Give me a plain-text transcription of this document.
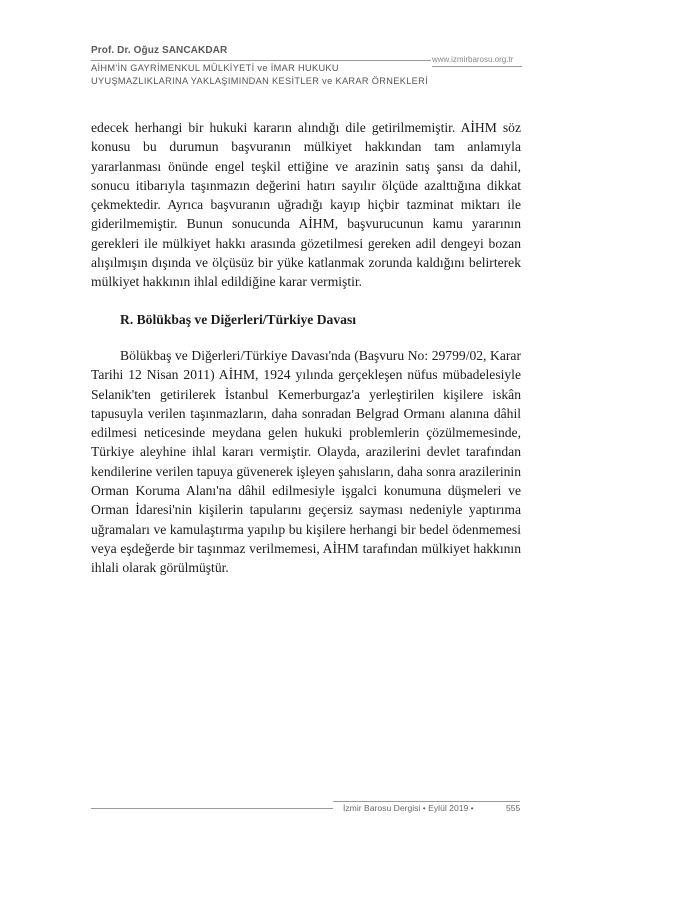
Prof. Dr. Oğuz SANCAKDAR
www.izmirbarosu.org.tr
AİHM'İN GAYRİMENKUL MÜLKİYETİ ve İMAR HUKUKU
UYUŞMAZLIKLARINA YAKLAŞIMINDAN KESİTLER ve KARAR ÖRNEKLERİ

edecek herhangi bir hukuki kararın alındığı dile getirilmemiştir. AİHM söz konusu bu durumun başvuranın mülkiyet hakkından tam anlamıyla yararlanması önünde engel teşkil ettiğine ve arazinin satış şansı da dahil, sonucu itibarıyla taşınmazın değerini hatırı sayılır ölçüde azalttığına dikkat çekmektedir. Ayrıca başvuranın uğradığı kayıp hiçbir tazminat miktarı ile giderilmemiştir. Bunun sonucunda AİHM, başvurucunun kamu yararının gerekleri ile mülkiyet hakkı arasında gözetilmesi gereken adil dengeyi bozan alışılmışın dışında ve ölçüsüz bir yüke katlanmak zorunda kaldığını belirterek mülkiyet hakkının ihlal edildiğine karar vermiştir.

R. Bölükbaş ve Diğerleri/Türkiye Davası

Bölükbaş ve Diğerleri/Türkiye Davası'nda (Başvuru No: 29799/02, Karar Tarihi 12 Nisan 2011) AİHM, 1924 yılında gerçekleşen nüfus mübadelesiyle Selanik'ten getirilerek İstanbul Kemerburgaz'a yerleştirilen kişilere iskân tapusuyla verilen taşınmazların, daha sonradan Belgrad Ormanı alanına dâhil edilmesi neticesinde meydana gelen hukuki problemlerin çözülmemesinde, Türkiye aleyhine ihlal kararı vermiştir. Olayda, arazilerini devlet tarafından kendilerine verilen tapuya güvenerek işleyen şahısların, daha sonra arazilerinin Orman Koruma Alanı'na dâhil edilmesiyle işgalci konumuna düşmeleri ve Orman İdaresi'nin kişilerin tapularını geçersiz sayması nedeniyle yaptırıma uğramaları ve kamulaştırma yapılıp bu kişilere herhangi bir bedel ödenmemesi veya eşdeğerde bir taşınmaz verilmemesi, AİHM tarafından mülkiyet hakkının ihlali olarak görülmüştür.

İzmir Barosu Dergisi • Eylül 2019 •	555
